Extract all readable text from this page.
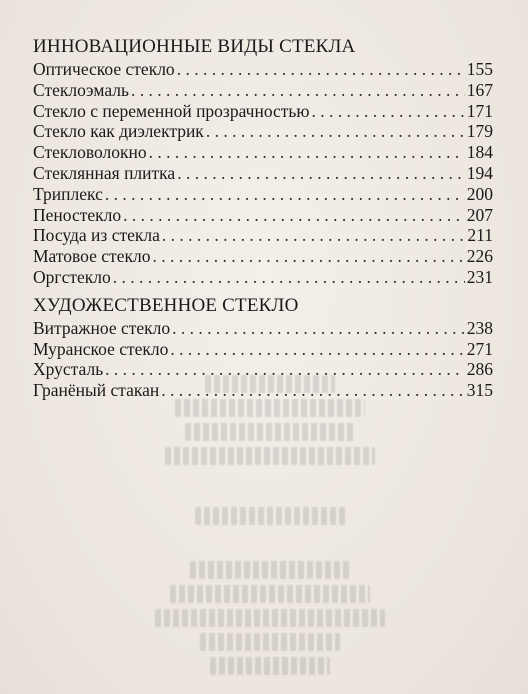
ИННОВАЦИОННЫЕ ВИДЫ СТЕКЛА
Оптическое стекло . . .	155
Стеклоэмаль . . .	167
Стекло с переменной прозрачностью . . .	171
Стекло как диэлектрик . . .	179
Стекловолокно . . .	184
Стеклянная плитка . . .	194
Триплекс . . .	200
Пеностекло . . .	207
Посуда из стекла . . .	211
Матовое стекло . . .	226
Оргстекло . . .	231
ХУДОЖЕСТВЕННОЕ СТЕКЛО
Витражное стекло . . .	238
Муранское стекло . . .	271
Хрусталь . . .	286
Гранёный стакан . . .	315
